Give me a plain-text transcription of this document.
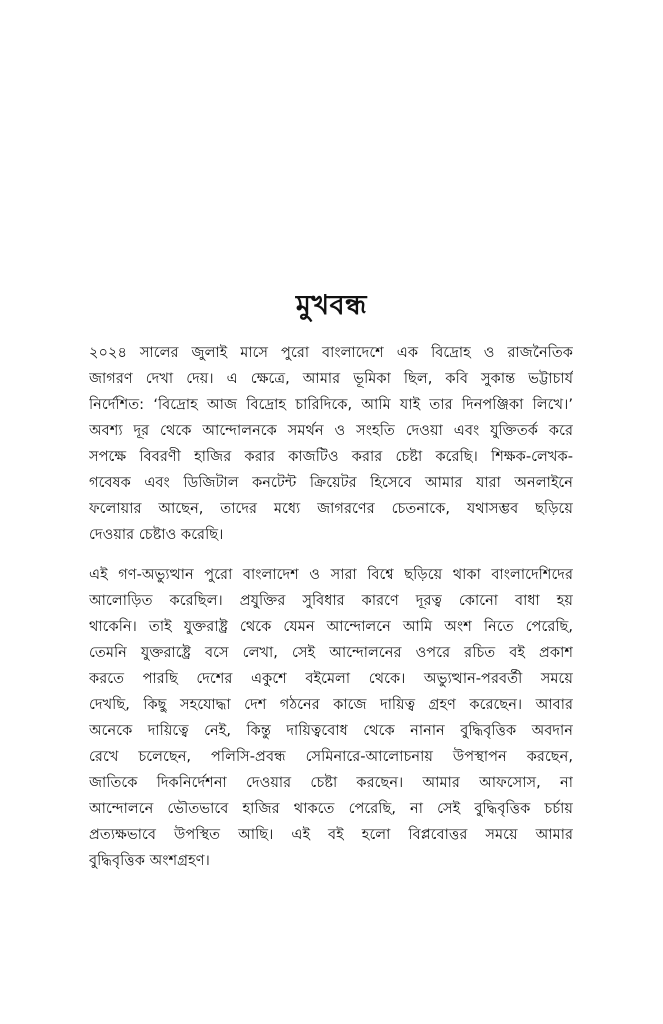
মুখবন্ধ
২০২৪ সালের জুলাই মাসে পুরো বাংলাদেশে এক বিদ্রোহ ও রাজনৈতিক
জাগরণ দেখা দেয়। এ ক্ষেত্রে, আমার ভূমিকা ছিল, কবি সুকান্ত ভট্টাচার্য
নির্দেশিত: ‘বিদ্রোহ আজ বিদ্রোহ চারিদিকে, আমি যাই তার দিনপঞ্জিকা লিখে।’
অবশ্য দূর থেকে আন্দোলনকে সমর্থন ও সংহতি দেওয়া এবং যুক্তিতর্ক করে
সপক্ষে বিবরণী হাজির করার কাজটিও করার চেষ্টা করেছি। শিক্ষক-লেখক-
গবেষক এবং ডিজিটাল কনটেন্ট ক্রিয়েটর হিসেবে আমার যারা অনলাইনে
ফলোয়ার আছেন, তাদের মধ্যে জাগরণের চেতনাকে, যথাসম্ভব ছড়িয়ে
দেওয়ার চেষ্টাও করেছি।
এই গণ-অভ্যুত্থান পুরো বাংলাদেশ ও সারা বিশ্বে ছড়িয়ে থাকা বাংলাদেশিদের
আলোড়িত করেছিল। প্রযুক্তির সুবিধার কারণে দূরত্ব কোনো বাধা হয়
থাকেনি। তাই যুক্তরাষ্ট্র থেকে যেমন আন্দোলনে আমি অংশ নিতে পেরেছি,
তেমনি যুক্তরাষ্ট্রে বসে লেখা, সেই আন্দোলনের ওপরে রচিত বই প্রকাশ
করতে পারছি দেশের একুশে বইমেলা থেকে। অভ্যুত্থান-পরবর্তী সময়ে
দেখছি, কিছু সহযোদ্ধা দেশ গঠনের কাজে দায়িত্ব গ্রহণ করেছেন। আবার
অনেকে দায়িত্বে নেই, কিন্তু দায়িত্ববোধ থেকে নানান বুদ্ধিবৃত্তিক অবদান
রেখে চলেছেন, পলিসি-প্রবন্ধ সেমিনারে-আলোচনায় উপস্থাপন করছেন,
জাতিকে দিকনির্দেশনা দেওয়ার চেষ্টা করছেন। আমার আফসোস, না
আন্দোলনে ভৌতভাবে হাজির থাকতে পেরেছি, না সেই বুদ্ধিবৃত্তিক চর্চায়
প্রত্যক্ষভাবে উপস্থিত আছি। এই বই হলো বিপ্লবোত্তর সময়ে আমার
বুদ্ধিবৃত্তিক অংশগ্রহণ।
